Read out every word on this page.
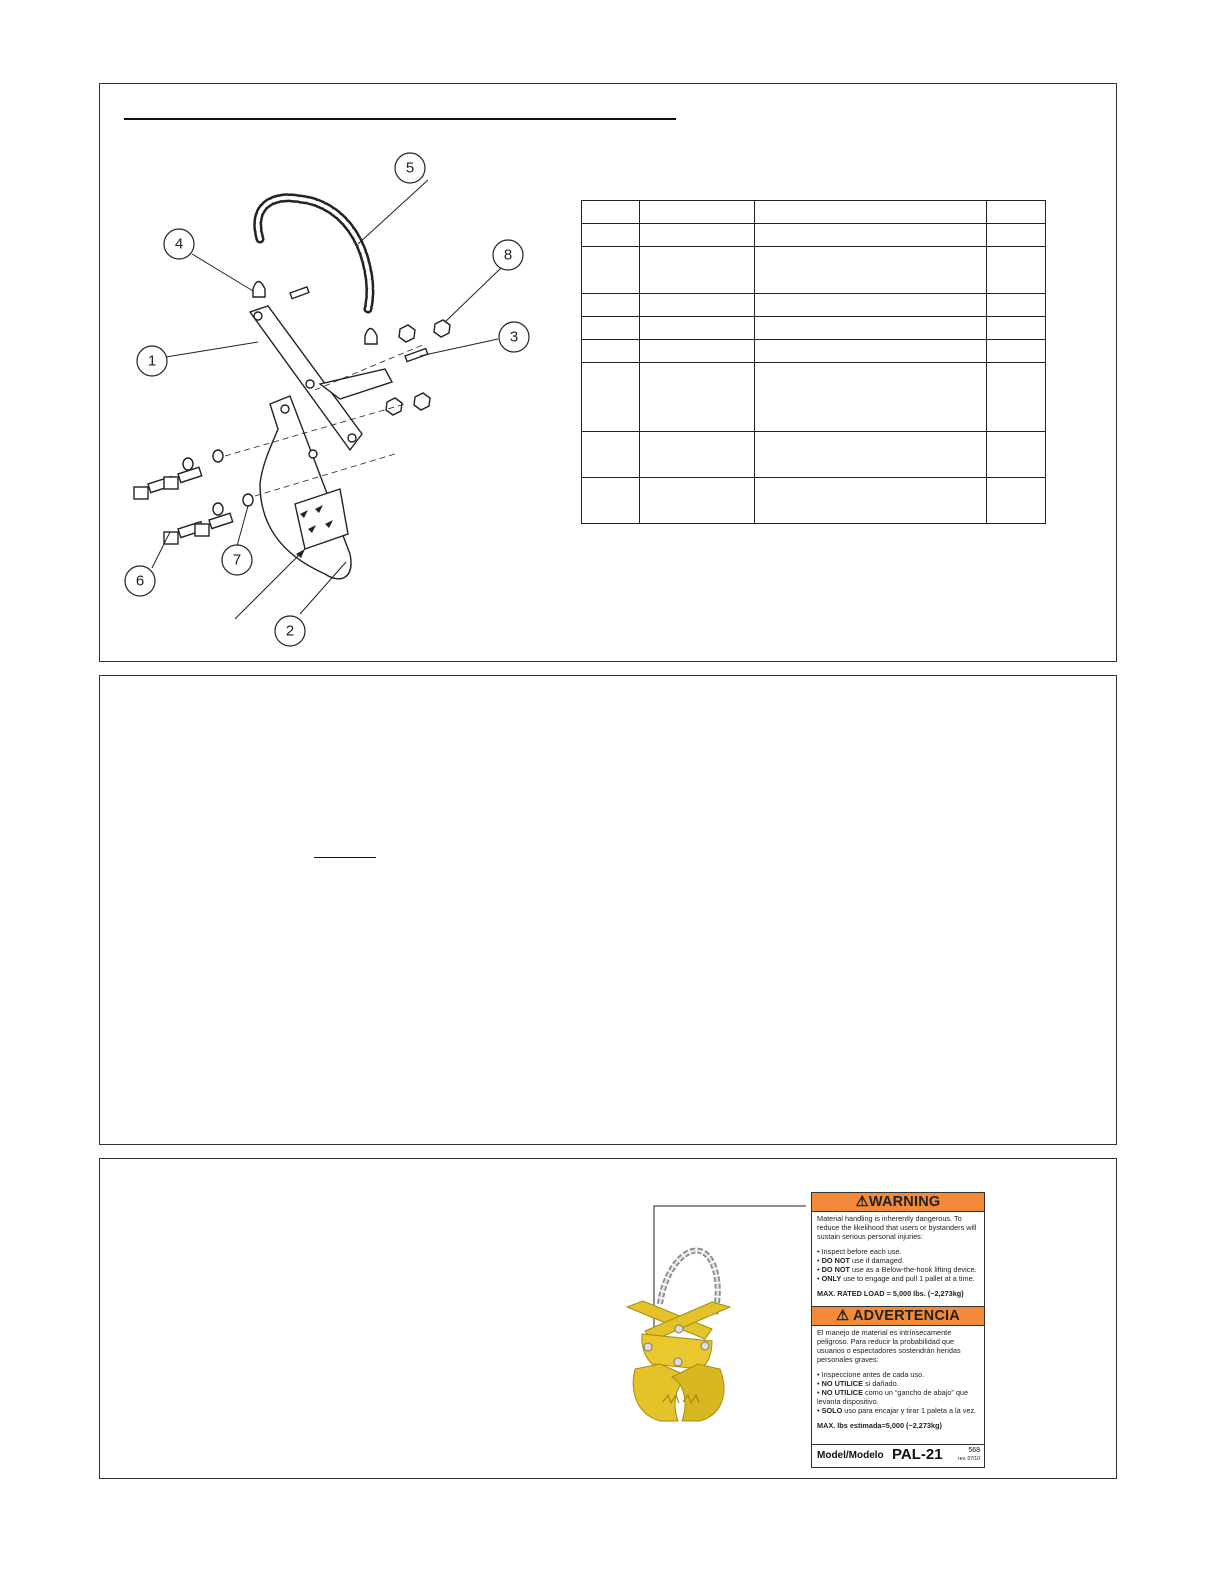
1
2
3
4
5
6
7
8

⚠WARNING

Material handling is inherently dangerous. To reduce the likelihood that users or bystanders will sustain serious personal injuries:

• Inspect before each use.
• DO NOT use if damaged.
• DO NOT use as a Below-the-hook lifting device.
• ONLY use to engage and pull 1 pallet at a time.

MAX. RATED LOAD = 5,000 lbs. (~2,273kg)

⚠ ADVERTENCIA

El manejo de material es intrínsecamente peligroso. Para reducir la probabilidad que usuarios o espectadores sostendrán heridas personales graves:

• Inspeccione antes de cada uso.
• NO UTILICE si dañado.
• NO UTILICE como un “gancho de abajo” que levanta dispositivo.
• SOLO uso para encajar y tirar 1 paleta a la vez.

MAX. lbs estimada=5,000 (~2,273kg)

Model/Modelo PAL-21	568
rev. 07/10
